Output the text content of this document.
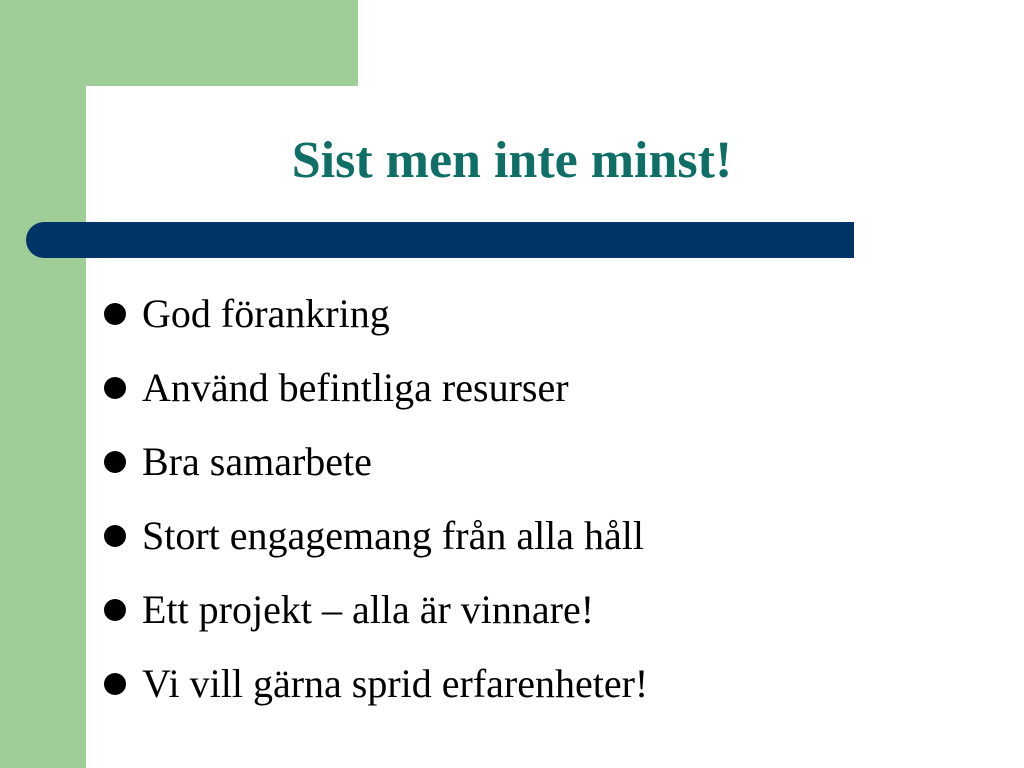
Sist men inte minst!
God förankring
Använd befintliga resurser
Bra samarbete
Stort engagemang från alla håll
Ett projekt – alla är vinnare!
Vi vill gärna sprid erfarenheter!
